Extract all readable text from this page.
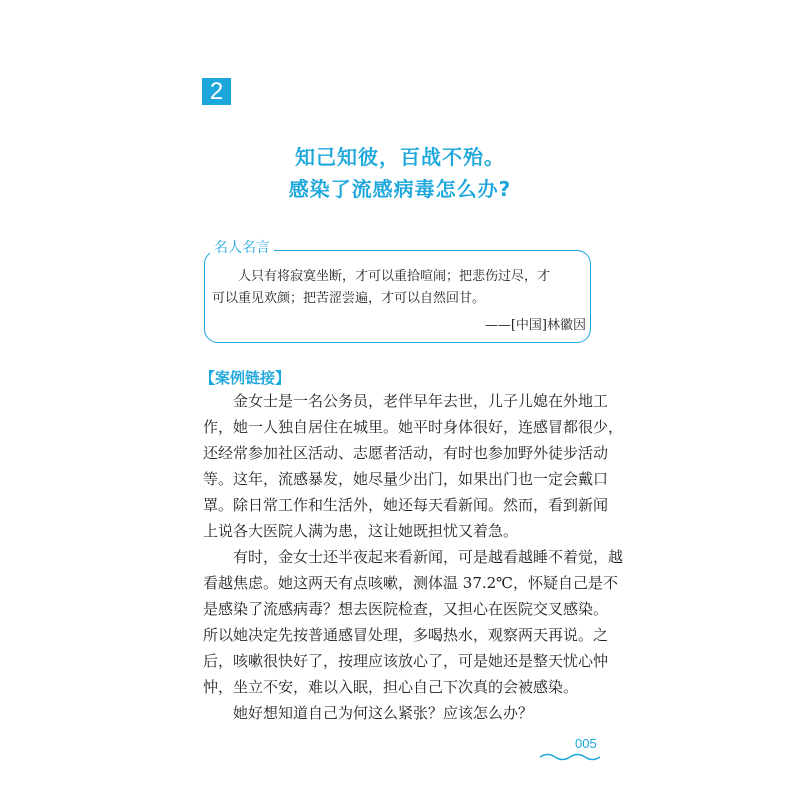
2
知己知彼，百战不殆。
感染了流感病毒怎么办?
名人名言
人只有将寂寞坐断，才可以重拾喧闹；把悲伤过尽，才
可以重见欢颜；把苦涩尝遍，才可以自然回甘。
——[中国]林徽因
【案例链接】
金女士是一名公务员，老伴早年去世，儿子儿媳在外地工
作，她一人独自居住在城里。她平时身体很好，连感冒都很少，
还经常参加社区活动、志愿者活动，有时也参加野外徒步活动
等。这年，流感暴发，她尽量少出门，如果出门也一定会戴口
罩。除日常工作和生活外，她还每天看新闻。然而，看到新闻
上说各大医院人满为患，这让她既担忧又着急。
有时，金女士还半夜起来看新闻，可是越看越睡不着觉，越
看越焦虑。她这两天有点咳嗽，测体温 37.2℃，怀疑自己是不
是感染了流感病毒？想去医院检查，又担心在医院交叉感染。
所以她决定先按普通感冒处理，多喝热水，观察两天再说。之
后，咳嗽很快好了，按理应该放心了，可是她还是整天忧心忡
忡，坐立不安，难以入眠，担心自己下次真的会被感染。
她好想知道自己为何这么紧张？应该怎么办？
005
